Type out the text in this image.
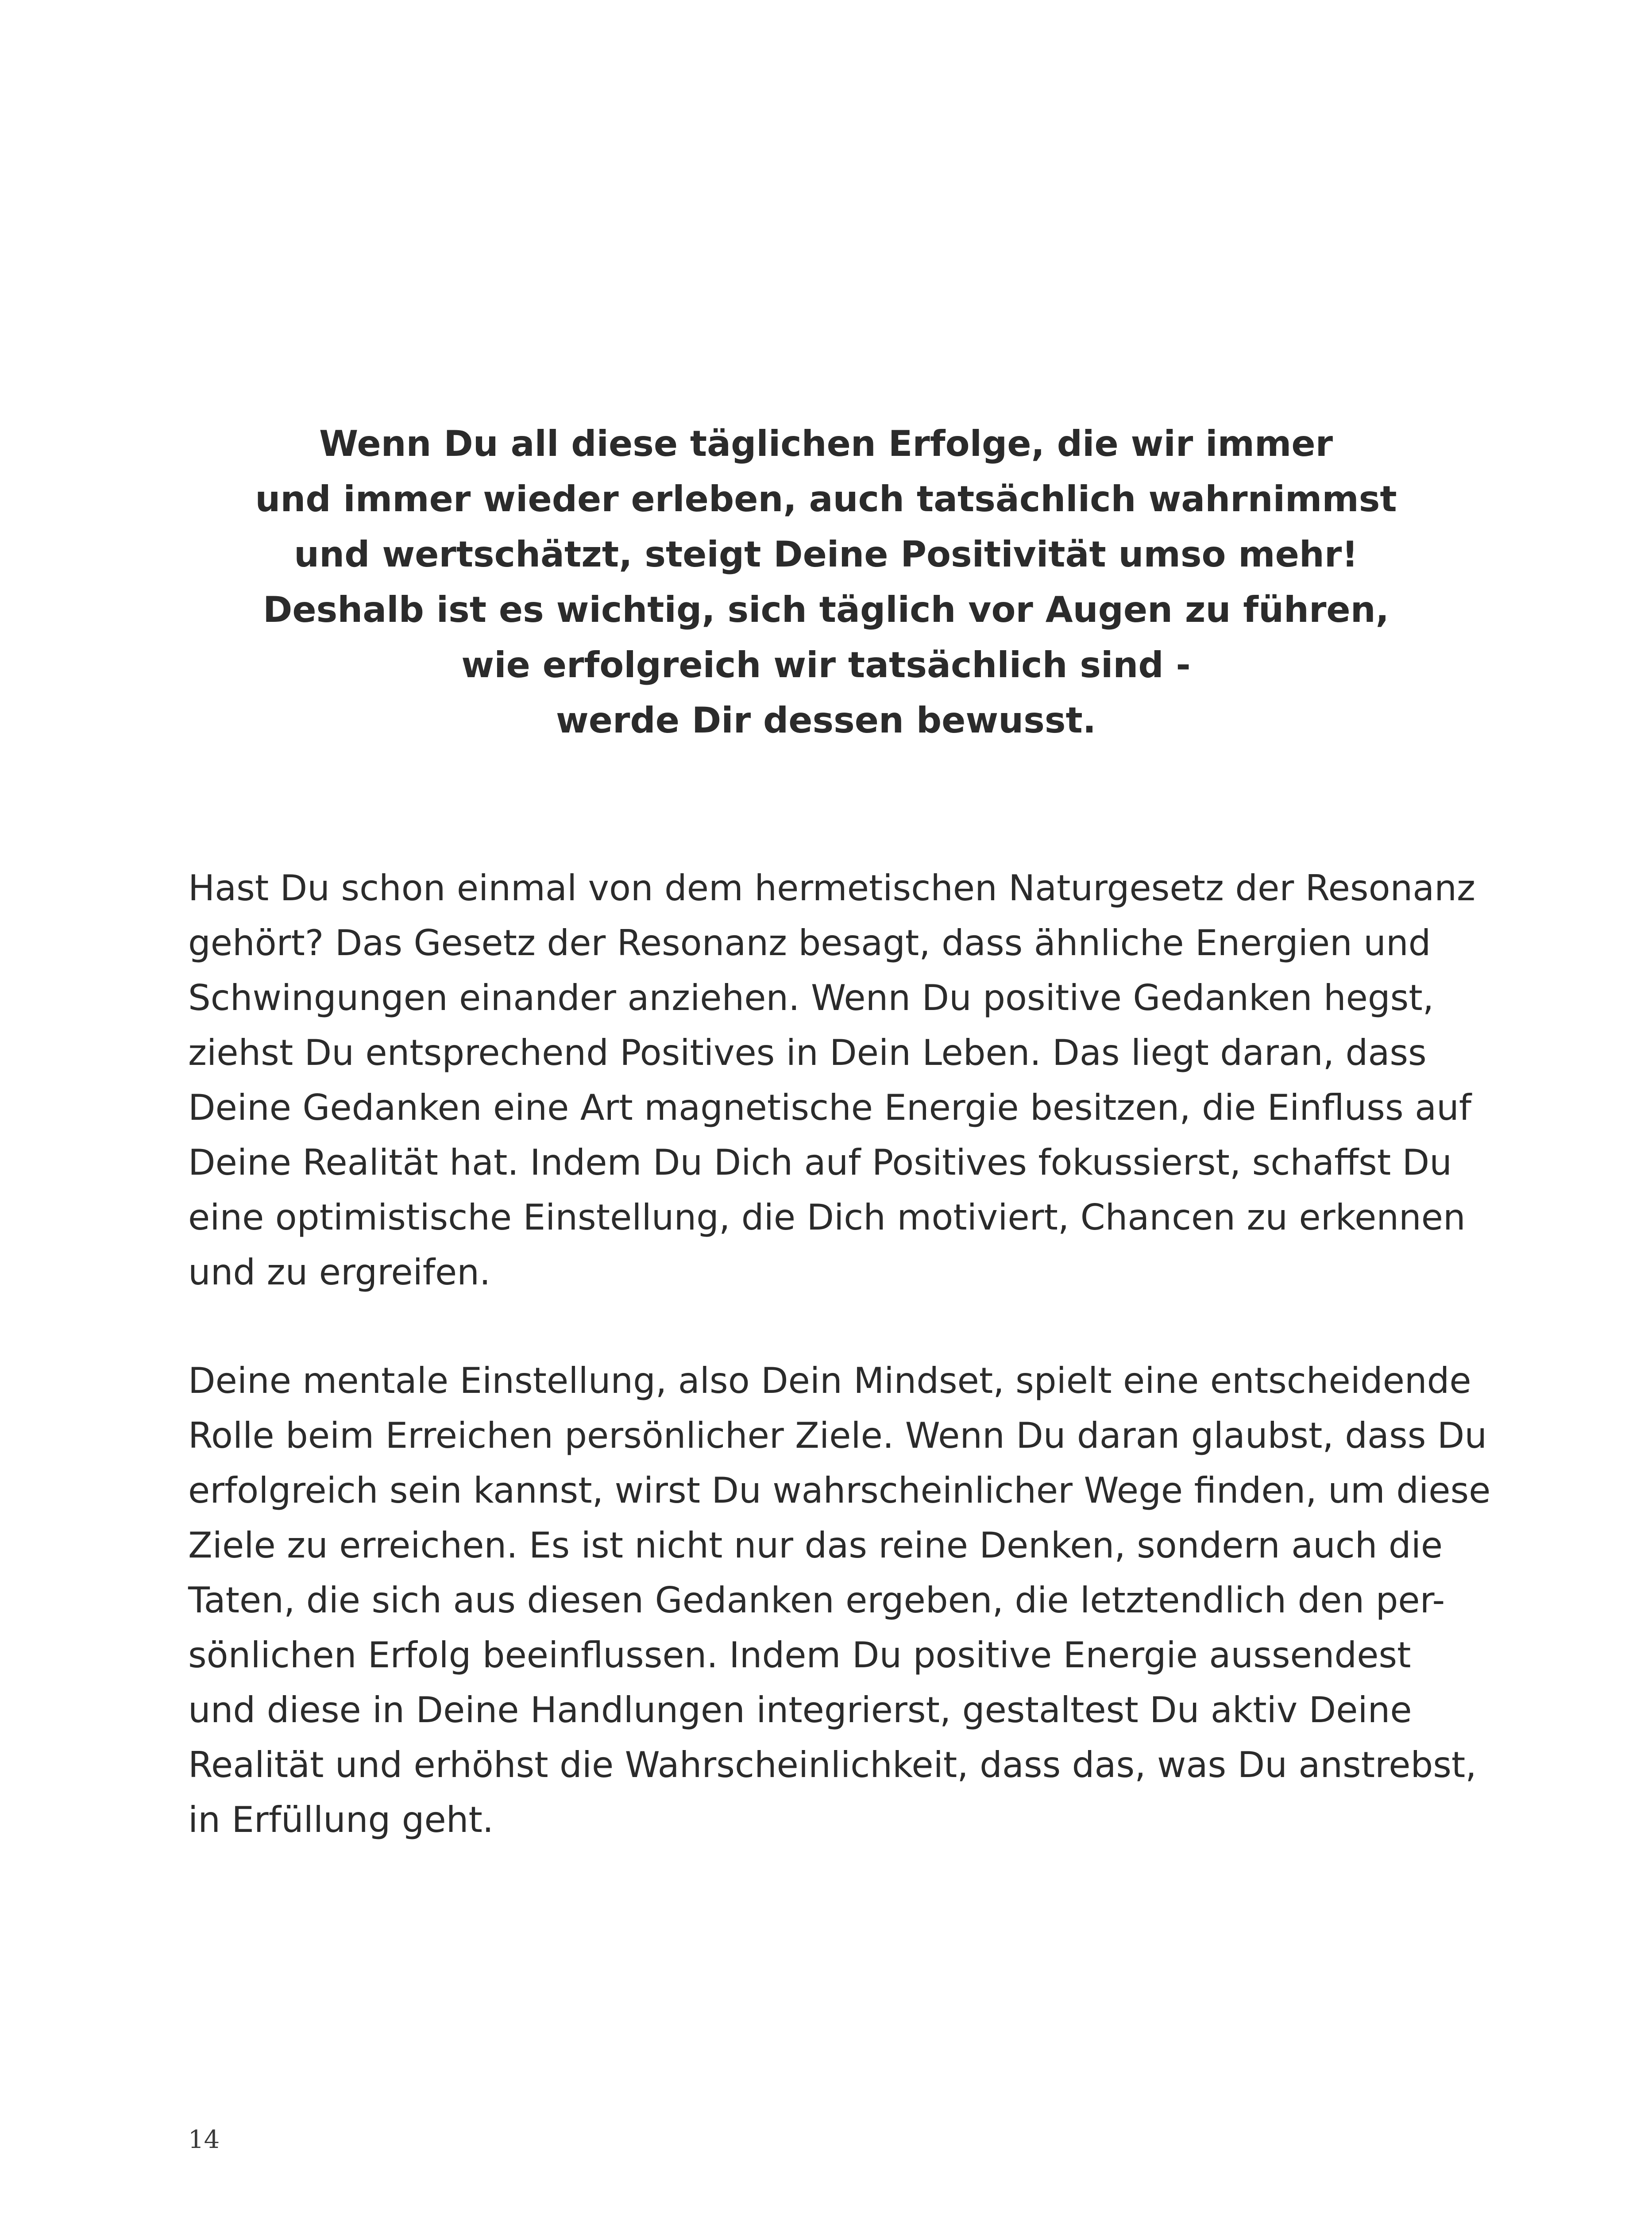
Wenn Du all diese täglichen Erfolge, die wir immer
und immer wieder erleben, auch tatsächlich wahrnimmst
und wertschätzt, steigt Deine Positivität umso mehr!
Deshalb ist es wichtig, sich täglich vor Augen zu führen,
wie erfolgreich wir tatsächlich sind -
werde Dir dessen bewusst.
Hast Du schon einmal von dem hermetischen Naturgesetz der Resonanz
gehört? Das Gesetz der Resonanz besagt, dass ähnliche Energien und
Schwingungen einander anziehen. Wenn Du positive Gedanken hegst,
ziehst Du entsprechend Positives in Dein Leben. Das liegt daran, dass
Deine Gedanken eine Art magnetische Energie besitzen, die Einfluss auf
Deine Realität hat. Indem Du Dich auf Positives fokussierst, schaffst Du
eine optimistische Einstellung, die Dich motiviert, Chancen zu erkennen
und zu ergreifen.
Deine mentale Einstellung, also Dein Mindset, spielt eine entscheidende
Rolle beim Erreichen persönlicher Ziele. Wenn Du daran glaubst, dass Du
erfolgreich sein kannst, wirst Du wahrscheinlicher Wege finden, um diese
Ziele zu erreichen. Es ist nicht nur das reine Denken, sondern auch die
Taten, die sich aus diesen Gedanken ergeben, die letztendlich den per-
sönlichen Erfolg beeinflussen. Indem Du positive Energie aussendest
und diese in Deine Handlungen integrierst, gestaltest Du aktiv Deine
Realität und erhöhst die Wahrscheinlichkeit, dass das, was Du anstrebst,
in Erfüllung geht.
14
